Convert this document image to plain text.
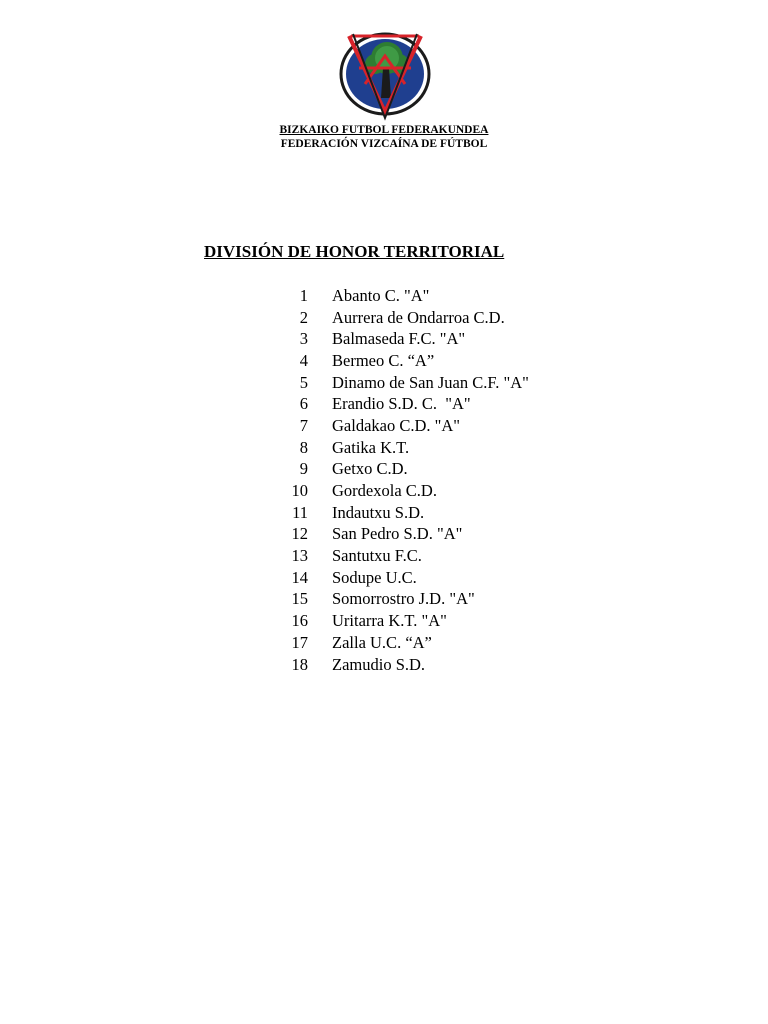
BIZKAIKO FUTBOL FEDERAKUNDEA
FEDERACIÓN VIZCAÍNA DE FÚTBOL
DIVISIÓN DE HONOR TERRITORIAL
1	Abanto C. "A"
2	Aurrera de Ondarroa C.D.
3	Balmaseda F.C. "A"
4	Bermeo C. “A”
5	Dinamo de San Juan C.F. "A"
6	Erandio S.D. C.  "A"
7	Galdakao C.D. "A"
8	Gatika K.T.
9	Getxo C.D.
10	Gordexola C.D.
11	Indautxu S.D.
12	San Pedro S.D. "A"
13	Santutxu F.C.
14	Sodupe U.C.
15	Somorrostro J.D. "A"
16	Uritarra K.T. "A"
17	Zalla U.C. “A”
18	Zamudio S.D.
